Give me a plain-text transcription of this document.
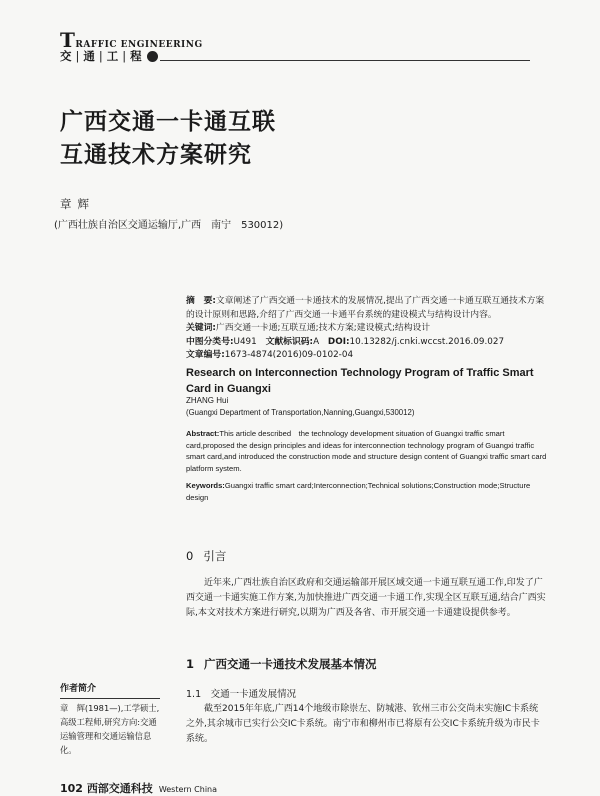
TRAFFIC ENGINEERING
交 | 通 | 工 | 程
广西交通一卡通互联
互通技术方案研究
章辉
(广西壮族自治区交通运输厅,广西　南宁　530012)

摘　要:文章阐述了广西交通一卡通技术的发展情况,提出了广西交通一卡通互联互通技术方案的设计原则和思路,介绍了广西交通一卡通平台系统的建设模式与结构设计内容。

关键词:广西交通一卡通;互联互通;技术方案;建设模式;结构设计

中图分类号:U491　 文献标识码:A　 DOI:10.13282/j.cnki.wccst.2016.09.027

文章编号:1673-4874(2016)09-0102-04

Research on Interconnection Technology Program of Traffic Smart Card in Guangxi
ZHANG Hui
(Guangxi Department of Transportation,Nanning,Guangxi,530012)

Abstract:This article described　the technology development situation of Guangxi traffic smart card,proposed the design principles and ideas for interconnection technology program of Guangxi traffic smart card,and introduced the construction mode and structure design content of Guangxi traffic smart card platform system.

Keywords:Guangxi traffic smart card;Interconnection;Technical solutions;Construction mode;Structure design

0 引言

近年来,广西壮族自治区政府和交通运输部开展区域交通一卡通互联互通工作,印发了广西交通一卡通实施工作方案,为加快推进广西交通一卡通工作,实现全区互联互通,结合广西实际,本文对技术方案进行研究,以期为广西及各省、市开展交通一卡通建设提供参考。

1 广西交通一卡通技术发展基本情况
1.1　 交通一卡通发展情况

截至2015年年底,广西14个地级市除崇左、防城港、钦州三市公交尚未实施IC卡系统之外,其余城市已实行公交IC卡系统。南宁市和柳州市已将原有公交IC卡系统升级为市民卡系统。

作者简介
章　辉(1981—),工学硕士,高级工程师,研究方向:交通运输管理和交通运输信息化。
102 西部交通科技 Western China
